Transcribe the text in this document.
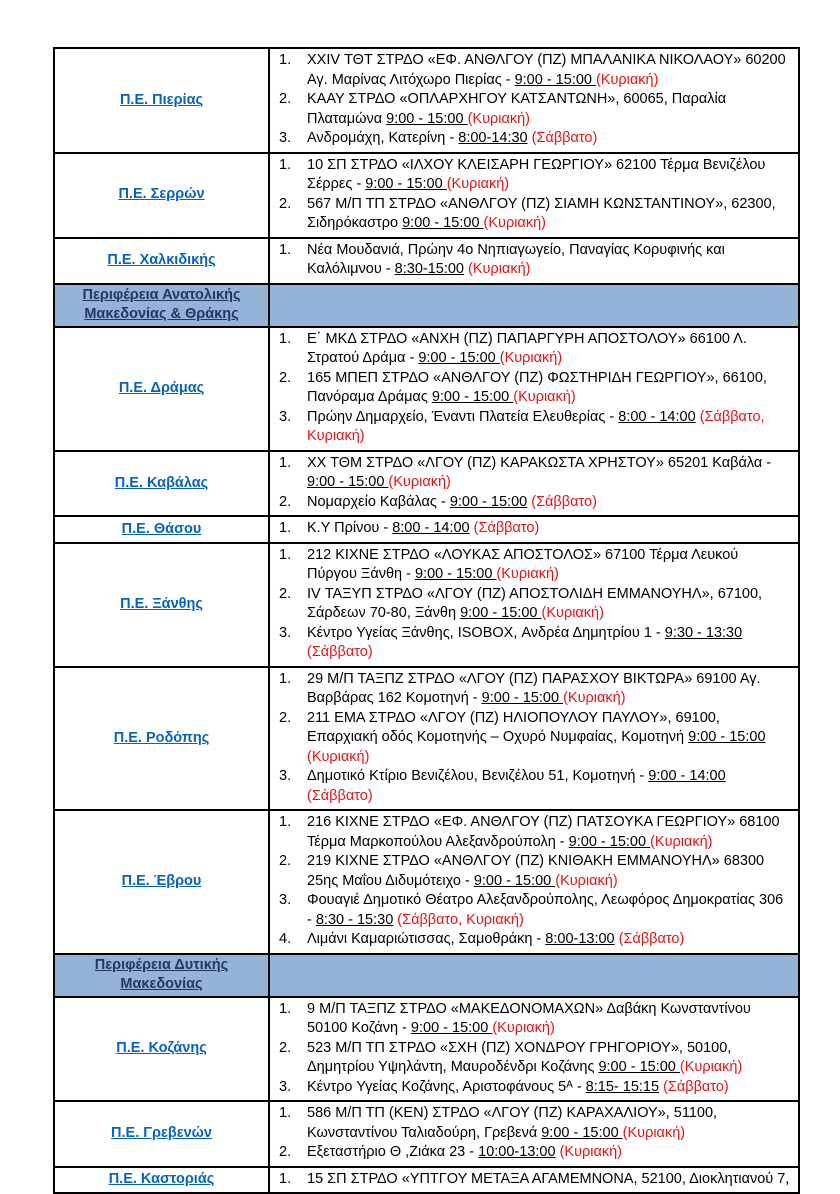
Π.Ε. Πιερίας	
1.	XXIV ΤΘΤ ΣΤΡΔΟ «ΕΦ. ΑΝΘΛΓΟΥ (ΠΖ) ΜΠΑΛΑΝΙΚΑ ΝΙΚΟΛΑΟΥ» 60200 Αγ. Μαρίνας Λιτόχωρο Πιερίας - 9:00 - 15:00 (Κυριακή)
2.	ΚΑΑΥ ΣΤΡΔΟ «ΟΠΛΑΡΧΗΓΟΥ ΚΑΤΣΑΝΤΩΝΗ», 60065, Παραλία Πλαταμώνα 9:00 - 15:00 (Κυριακή)
3.	Ανδρομάχη, Κατερίνη - 8:00-14:30 (Σάββατο)

Π.Ε. Σερρών	1. 10 ΣΠ ΣΤΡΔΟ «ΙΛΧΟΥ ΚΛΕΙΣΑΡΗ ΓΕΩΡΓΙΟΥ» 62100 Τέρμα Βενιζέλου Σέρρες - 9:00 - 15:00 (Κυριακή)
2. 567 Μ/Π ΤΠ ΣΤΡΔΟ «ΑΝΘΛΓΟΥ (ΠΖ) ΣΙΑΜΗ ΚΩΝΣΤΑΝΤΙΝΟΥ», 62300, Σιδηρόκαστρο 9:00 - 15:00 (Κυριακή)

Π.Ε. Χαλκιδικής	1. Νέα Μουδανιά, Πρώην 4ο Νηπιαγωγείο, Παναγίας Κορυφινής και Καλόλιμνου - 8:30-15:00 (Κυριακή)

Περιφέρεια Ανατολικής Μακεδονίας & Θράκης	
Π.Ε. Δράμας	
1.	Ε΄ ΜΚΔ ΣΤΡΔΟ «ΑΝΧΗ (ΠΖ) ΠΑΠΑΡΓΥΡΗ ΑΠΟΣΤΟΛΟΥ» 66100 Λ. Στρατού Δράμα - 9:00 - 15:00 (Κυριακή)
2.	165 ΜΠΕΠ ΣΤΡΔΟ «ΑΝΘΛΓΟΥ (ΠΖ) ΦΩΣΤΗΡΙΔΗ ΓΕΩΡΓΙΟΥ», 66100, Πανόραμα Δράμας 9:00 - 15:00 (Κυριακή)
3.	Πρώην Δημαρχείο, Έναντι Πλατεία Ελευθερίας - 8:00 - 14:00 (Σάββατο, Κυριακή)

Π.Ε. Καβάλας	1. ΧΧ ΤΘΜ ΣΤΡΔΟ «ΛΓΟΥ (ΠΖ) ΚΑΡΑΚΩΣΤΑ ΧΡΗΣΤΟΥ» 65201 Καβάλα - 9:00 - 15:00 (Κυριακή)
2. Νομαρχείο Καβάλας - 9:00 - 15:00 (Σάββατο)

Π.Ε. Θάσου	1. Κ.Υ Πρίνου - 8:00 - 14:00 (Σάββατο)

Π.Ε. Ξάνθης	
1.	212 ΚΙΧΝΕ ΣΤΡΔΟ «ΛΟΥΚΑΣ ΑΠΟΣΤΟΛΟΣ» 67100 Τέρμα Λευκού Πύργου Ξάνθη - 9:00 - 15:00 (Κυριακή)
2.	IV ΤΑΞΥΠ ΣΤΡΔΟ «ΛΓΟΥ (ΠΖ) ΑΠΟΣΤΟΛΙΔΗ ΕΜΜΑΝΟΥΗΛ», 67100, Σάρδεων 70-80, Ξάνθη 9:00 - 15:00 (Κυριακή)
3.	Κέντρο Υγείας Ξάνθης, ISOBOX, Ανδρέα Δημητρίου 1 - 9:30 - 13:30 (Σάββατο)

Π.Ε. Ροδόπης	
1.	29 Μ/Π ΤΑΞΠΖ ΣΤΡΔΟ «ΛΓΟΥ (ΠΖ) ΠΑΡΑΣΧΟΥ ΒΙΚΤΩΡΑ» 69100 Αγ. Βαρβάρας 162 Κομοτηνή - 9:00 - 15:00 (Κυριακή)
2.	211 ΕΜΑ ΣΤΡΔΟ «ΛΓΟΥ (ΠΖ) ΗΛΙΟΠΟΥΛΟΥ ΠΑΥΛΟΥ», 69100, Επαρχιακή οδός Κομοτηνής – Οχυρό Νυμφαίας, Κομοτηνή 9:00 - 15:00 (Κυριακή)
3.	Δημοτικό Κτίριο Βενιζέλου, Βενιζέλου 51, Κομοτηνή - 9:00 - 14:00 (Σάββατο)

Π.Ε. Έβρου	
1.	216 ΚΙΧΝΕ ΣΤΡΔΟ «ΕΦ. ΑΝΘΛΓΟΥ (ΠΖ) ΠΑΤΣΟΥΚΑ ΓΕΩΡΓΙΟΥ» 68100 Τέρμα Μαρκοπούλου Αλεξανδρούπολη - 9:00 - 15:00 (Κυριακή)
2.	219 ΚΙΧΝΕ ΣΤΡΔΟ «ΑΝΘΛΓΟΥ (ΠΖ) ΚΝΙΘΑΚΗ ΕΜΜΑΝΟΥΗΛ» 68300 25ης Μαΐου Διδυμότειχο - 9:00 - 15:00 (Κυριακή)
3.	Φουαγιέ Δημοτικό Θέατρο Αλεξανδρούπολης, Λεωφόρος Δημοκρατίας 306 - 8:30 - 15:30 (Σάββατο, Κυριακή)
4.	Λιμάνι Καμαριώτισσας, Σαμοθράκη - 8:00-13:00 (Σάββατο)

Περιφέρεια Δυτικής Μακεδονίας	
Π.Ε. Κοζάνης	
1.	9 Μ/Π ΤΑΞΠΖ ΣΤΡΔΟ «ΜΑΚΕΔΟΝΟΜΑΧΩΝ» Δαβάκη Κωνσταντίνου 50100 Κοζάνη - 9:00 - 15:00 (Κυριακή)
2.	523 Μ/Π ΤΠ ΣΤΡΔΟ «ΣΧΗ (ΠΖ) ΧΟΝΔΡΟΥ ΓΡΗΓΟΡΙΟΥ», 50100, Δημητρίου Υψηλάντη, Μαυροδένδρι Κοζάνης 9:00 - 15:00 (Κυριακή)
3.	Κέντρο Υγείας Κοζάνης, Αριστοφάνους 5ᴬ - 8:15- 15:15 (Σάββατο)

Π.Ε. Γρεβενών	1. 586 Μ/Π ΤΠ (ΚΕΝ) ΣΤΡΔΟ «ΛΓΟΥ (ΠΖ) ΚΑΡΑΧΑΛΙΟΥ», 51100, Κωνσταντίνου Ταλιαδούρη, Γρεβενά 9:00 - 15:00 (Κυριακή)
2. Εξεταστήριο Θ ,Ζιάκα 23 - 10:00-13:00 (Κυριακή)

Π.Ε. Καστοριάς	1. 15 ΣΠ ΣΤΡΔΟ «ΥΠΤΓΟΥ ΜΕΤΑΞΑ ΑΓΑΜΕΜΝΟΝΑ, 52100, Διοκλητιανού 7,
